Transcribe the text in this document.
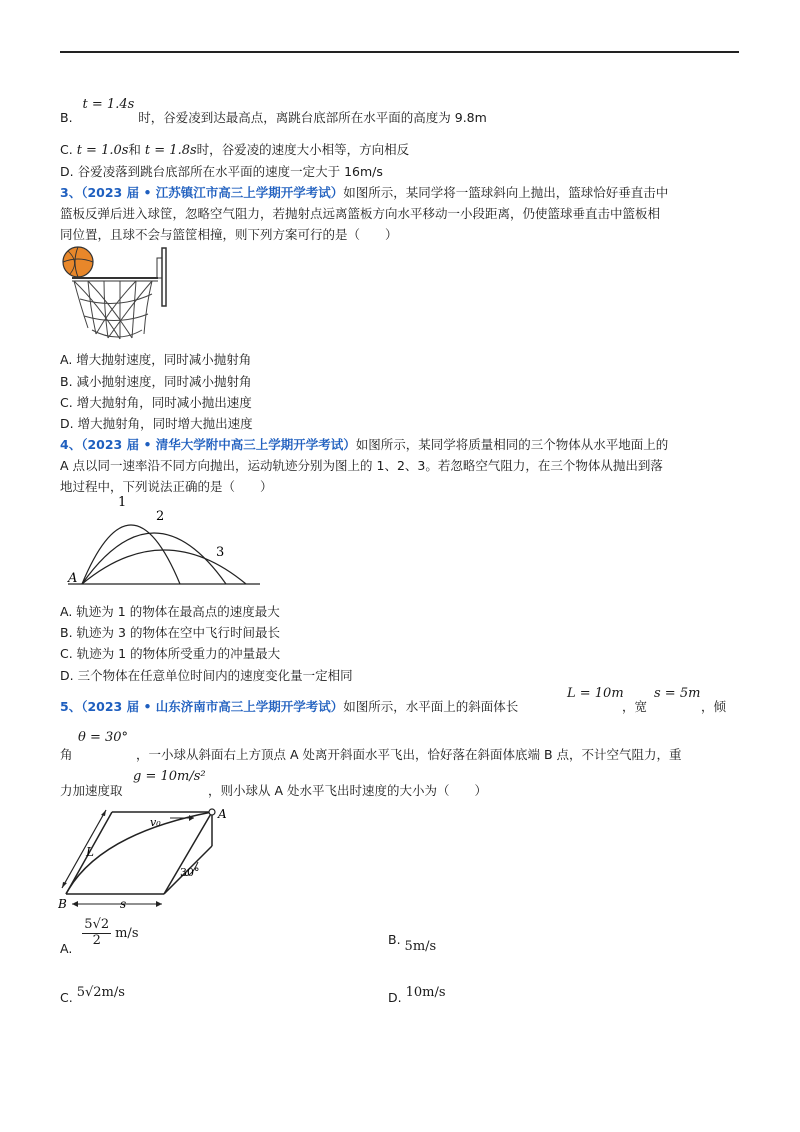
B. t = 1.4s 时，谷爱凌到达最高点，离跳台底部所在水平面的高度为 9.8m
C. t = 1.0s和 t = 1.8s时，谷爱凌的速度大小相等，方向相反
D. 谷爱凌落到跳台底部所在水平面的速度一定大于 16m/s
3、（2023 届 • 江苏镇江市高三上学期开学考试）如图所示，某同学将一篮球斜向上抛出，篮球恰好垂直击中
篮板反弹后进入球筐，忽略空气阻力，若抛射点远离篮板方向水平移动一小段距离，仍使篮球垂直击中篮板相
同位置，且球不会与篮筐相撞，则下列方案可行的是（　　）
A. 增大抛射速度，同时减小抛射角
B. 减小抛射速度，同时减小抛射角
C. 增大抛射角，同时减小抛出速度
D. 增大抛射角，同时增大抛出速度
4、（2023 届 • 清华大学附中高三上学期开学考试）如图所示，某同学将质量相同的三个物体从水平地面上的
A 点以同一速率沿不同方向抛出，运动轨迹分别为图上的 1、2、3。若忽略空气阻力，在三个物体从抛出到落
地过程中，下列说法正确的是（　　）
1
2
3
A
A. 轨迹为 1 的物体在最高点的速度最大
B. 轨迹为 3 的物体在空中飞行时间最长
C. 轨迹为 1 的物体所受重力的冲量最大
D. 三个物体在任意单位时间内的速度变化量一定相同
5、（2023 届 • 山东济南市高三上学期开学考试）如图所示，水平面上的斜面体长
L = 10m
，宽
s = 5m
，倾
角
θ = 30°
，一小球从斜面右上方顶点 A 处离开斜面水平飞出，恰好落在斜面体底端 B 点，不计空气阻力，重
力加速度取
g = 10m/s²
，则小球从 A 处水平飞出时速度的大小为（　　）
A
B
v₀
L
s
30°
A. $\frac{5√2}{2} m/s$	B. 5m/s
C. 5√2m/s	D. 10m/s
